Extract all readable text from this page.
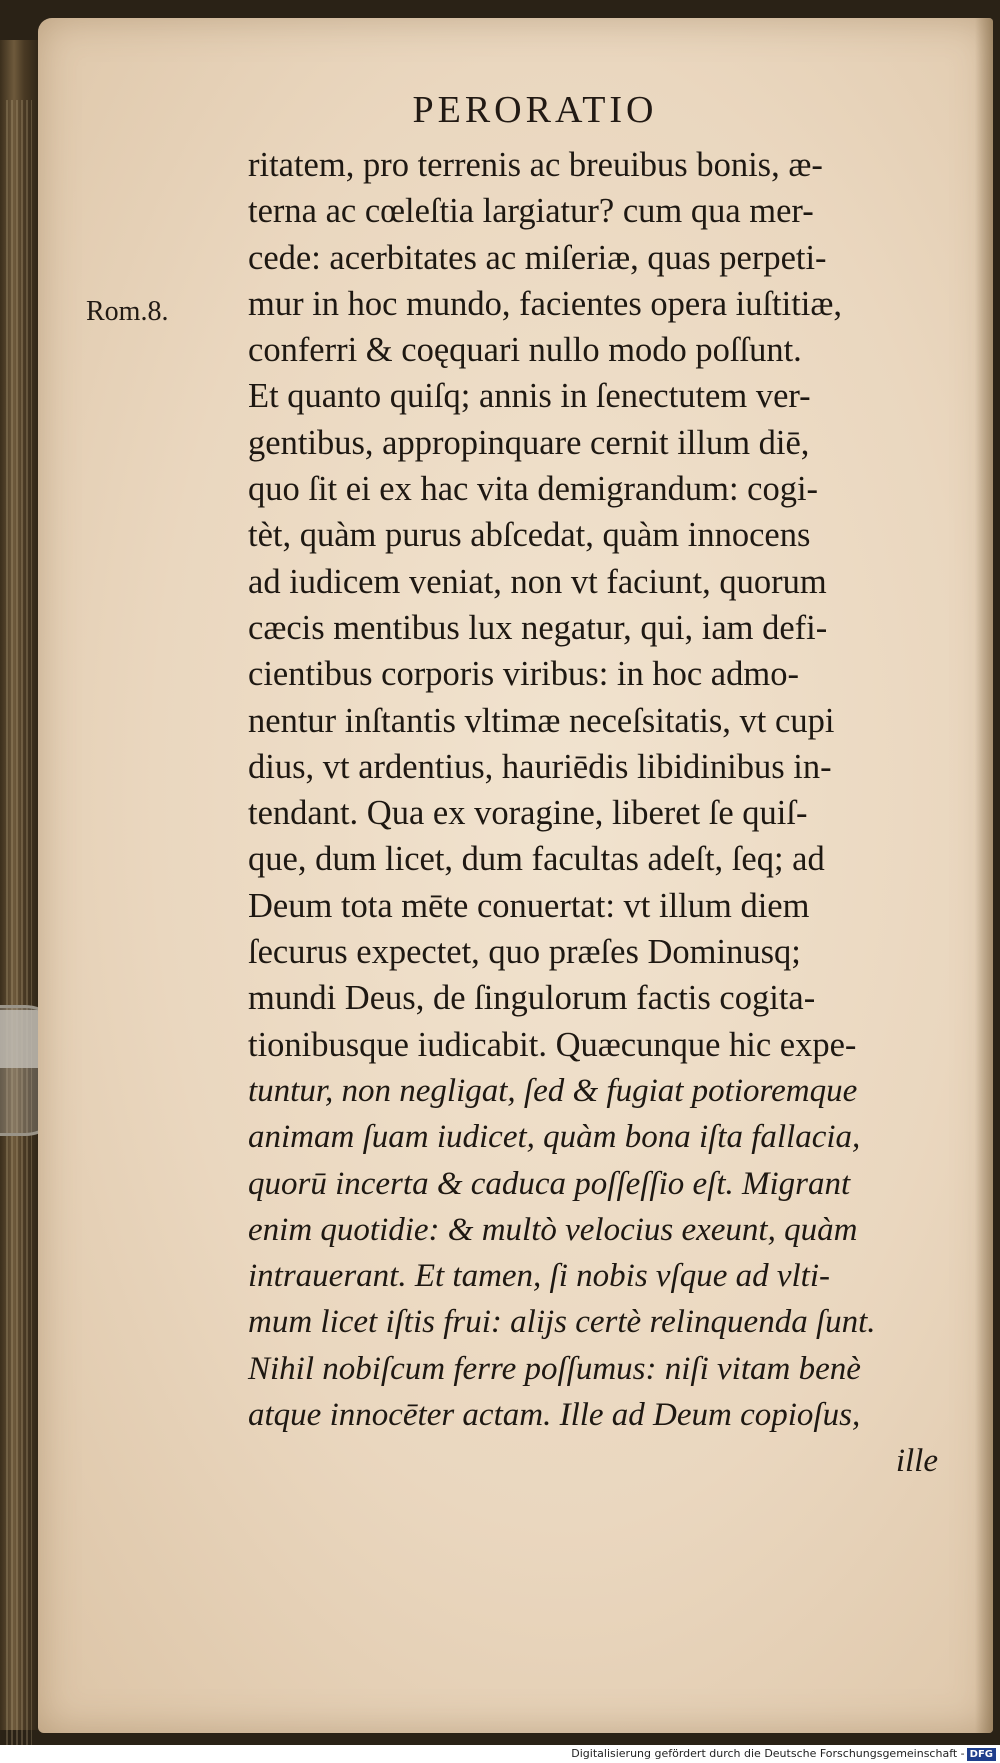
PERORATIO
Rom.8.
ritatem, pro terrenis ac breuibus bonis, æ-
terna ac cœleſtia largiatur? cum qua mer-
cede: acerbitates ac miſeriæ, quas perpeti-
mur in hoc mundo, facientes opera iuſtitiæ,
conferri & coęquari nullo modo poſſunt.
Et quanto quiſq; annis in ſenectutem ver-
gentibus, appropinquare cernit illum diē,
quo ſit ei ex hac vita demigrandum: cogi-
tèt, quàm purus abſcedat, quàm innocens
ad iudicem veniat, non vt faciunt, quorum
cæcis mentibus lux negatur, qui, iam defi-
cientibus corporis viribus: in hoc admo-
nentur inſtantis vltimæ neceſsitatis, vt cupi
dius, vt ardentius, hauriēdis libidinibus in-
tendant. Qua ex voragine, liberet ſe quiſ-
que, dum licet, dum facultas adeſt, ſeq; ad
Deum tota mēte conuertat: vt illum diem
ſecurus expectet, quo præſes Dominusq;
mundi Deus, de ſingulorum factis cogita-
tionibusque iudicabit. Quæcunque hic expe-
tuntur, non negligat, ſed & fugiat potioremque
animam ſuam iudicet, quàm bona iſta fallacia,
quorū incerta & caduca poſſeſſio eſt. Migrant
enim quotidie: & multò velocius exeunt, quàm
intrauerant. Et tamen, ſi nobis vſque ad vlti-
mum licet iſtis frui: alijs certè relinquenda ſunt.
Nihil nobiſcum ferre poſſumus: niſi vitam benè
atque innocēter actam. Ille ad Deum copioſus,
ille
Digitalisierung gefördert durch die Deutsche Forschungsgemeinschaft - DFG
